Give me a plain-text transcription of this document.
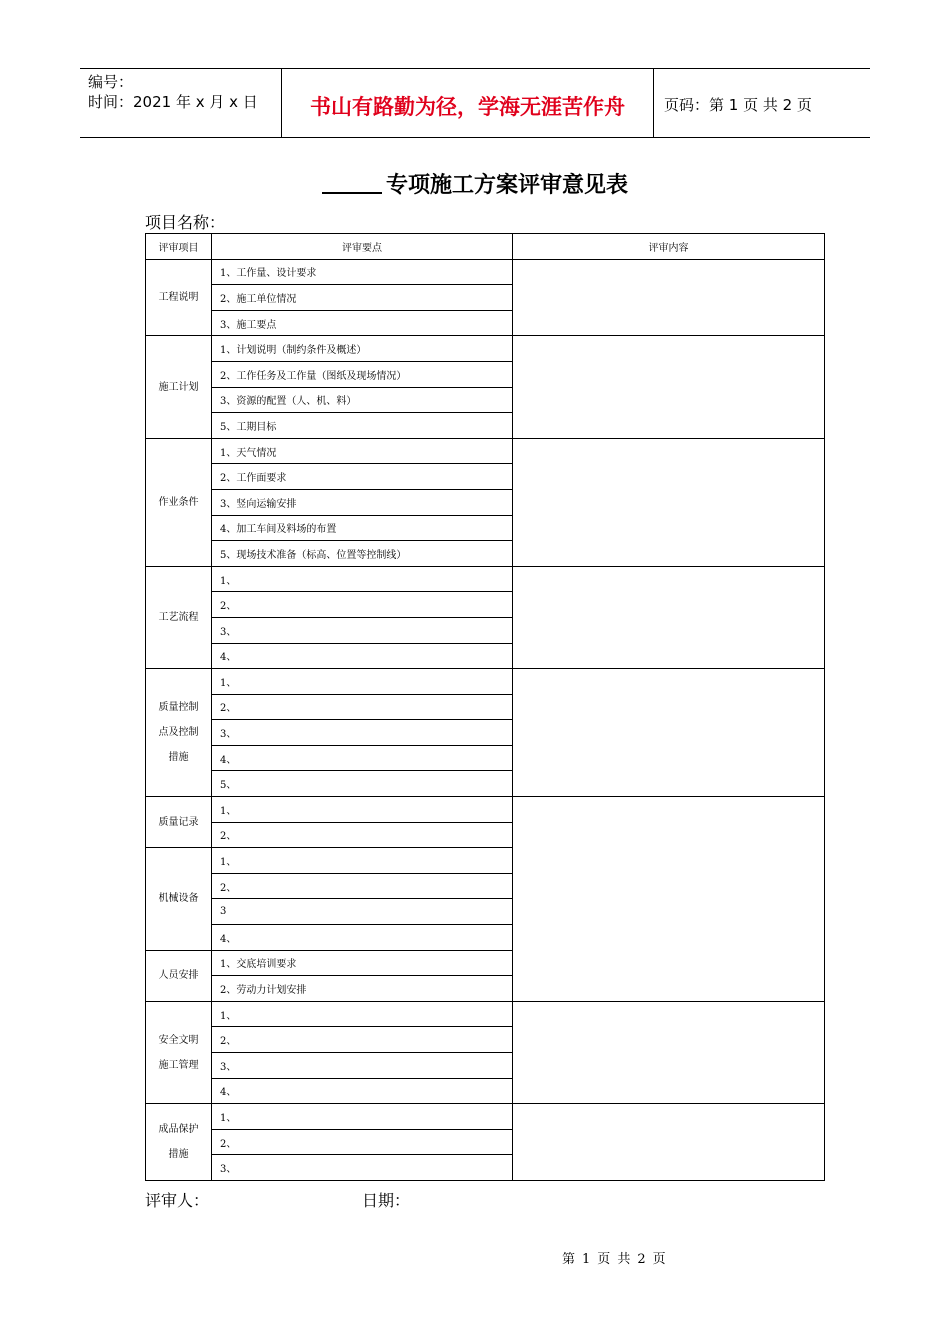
编号：
时间：2021 年 x 月 x 日	书山有路勤为径，学海无涯苦作舟	页码：第 1 页 共 2 页
专项施工方案评审意见表
项目名称：
评审项目	评审要点	评审内容

工程说明	1、工作量、设计要求	
	2、施工单位情况	
	3、施工要点	

施工计划	1、计划说明（制约条件及概述）	
	2、工作任务及工作量（图纸及现场情况）	
	3、资源的配置（人、机、料）	
	5、工期目标	

作业条件	1、天气情况	
	2、工作面要求	
	3、竖向运输安排	
	4、加工车间及料场的布置	
	5、现场技术准备（标高、位置等控制线）	

工艺流程	1、	
	2、	
	3、	
	4、	

质量控制
点及控制
措施	1、	
	2、	
	3、	
	4、	
	5、	

质量记录	1、	
	2、	

机械设备	1、	
	2、	
	3	
	4、	

人员安排	1、交底培训要求	
	2、劳动力计划安排	

安全文明
施工管理	1、	
	2、	
	3、	
	4、	

成品保护
措施	1、	
	2、	
	3、	
评审人：	日期：
第 1 页 共 2 页
